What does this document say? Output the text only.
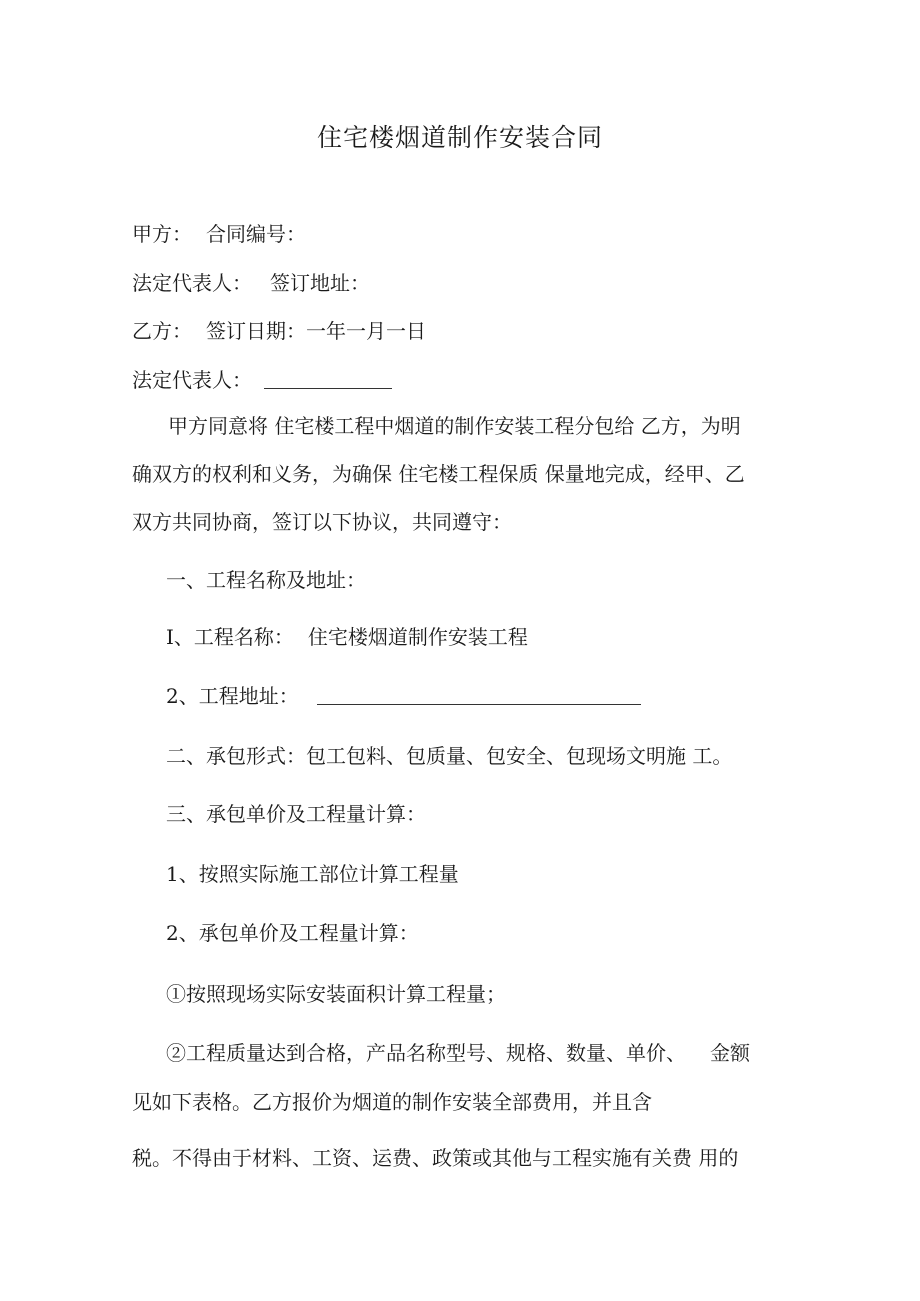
住宅楼烟道制作安装合同
甲方： 合同编号：
法定代表人： 签订地址：
乙方： 签订日期：一年一月一日
法定代表人：
甲方同意将 住宅楼工程中烟道的制作安装工程分包给 乙方，为明
确双方的权利和义务，为确保 住宅楼工程保质 保量地完成，经甲、乙
双方共同协商，签订以下协议，共同遵守：
一、工程名称及地址：
I、工程名称： 住宅楼烟道制作安装工程
2、工程地址：
二、承包形式：包工包料、包质量、包安全、包现场文明施 工。
三、承包单价及工程量计算：
1、按照实际施工部位计算工程量
2、承包单价及工程量计算：
①按照现场实际安装面积计算工程量；
②工程质量达到合格，产品名称型号、规格、数量、单价、 金额
见如下表格。乙方报价为烟道的制作安装全部费用，并且含
税。不得由于材料、工资、运费、政策或其他与工程实施有关费 用的
